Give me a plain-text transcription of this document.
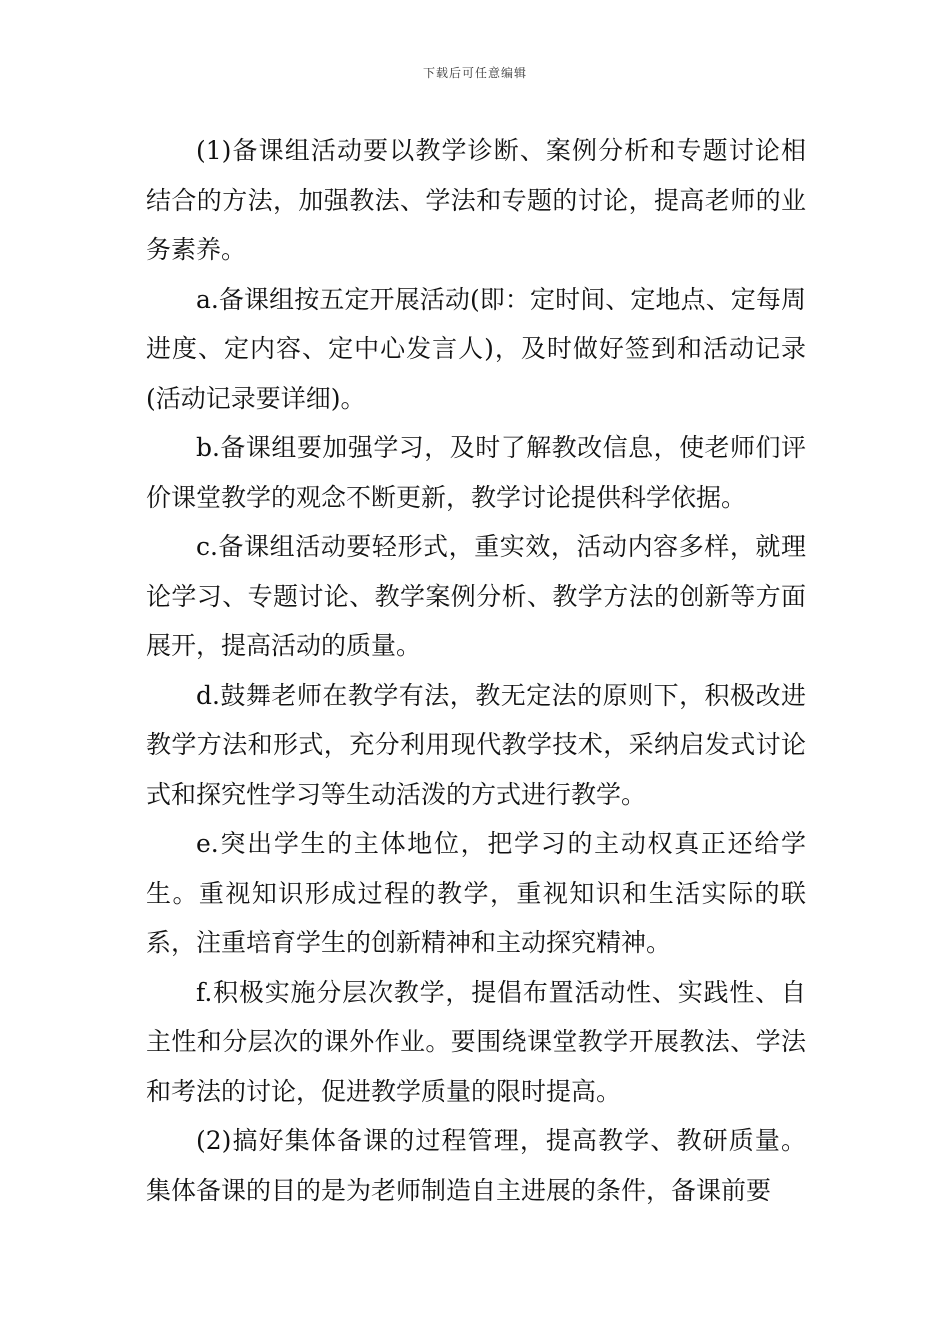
下载后可任意编辑

(1)备课组活动要以教学诊断、案例分析和专题讨论相结合的方法，加强教法、学法和专题的讨论，提高老师的业务素养。

a.备课组按五定开展活动(即：定时间、定地点、定每周进度、定内容、定中心发言人)，及时做好签到和活动记录(活动记录要详细)。

b.备课组要加强学习，及时了解教改信息，使老师们评价课堂教学的观念不断更新，教学讨论提供科学依据。

c.备课组活动要轻形式，重实效，活动内容多样，就理论学习、专题讨论、教学案例分析、教学方法的创新等方面展开，提高活动的质量。

d.鼓舞老师在教学有法，教无定法的原则下，积极改进教学方法和形式，充分利用现代教学技术，采纳启发式讨论式和探究性学习等生动活泼的方式进行教学。

e.突出学生的主体地位，把学习的主动权真正还给学生。重视知识形成过程的教学，重视知识和生活实际的联系，注重培育学生的创新精神和主动探究精神。

f.积极实施分层次教学，提倡布置活动性、实践性、自主性和分层次的课外作业。要围绕课堂教学开展教法、学法和考法的讨论，促进教学质量的限时提高。

(2)搞好集体备课的过程管理，提高教学、教研质量。集体备课的目的是为老师制造自主进展的条件，备课前要
